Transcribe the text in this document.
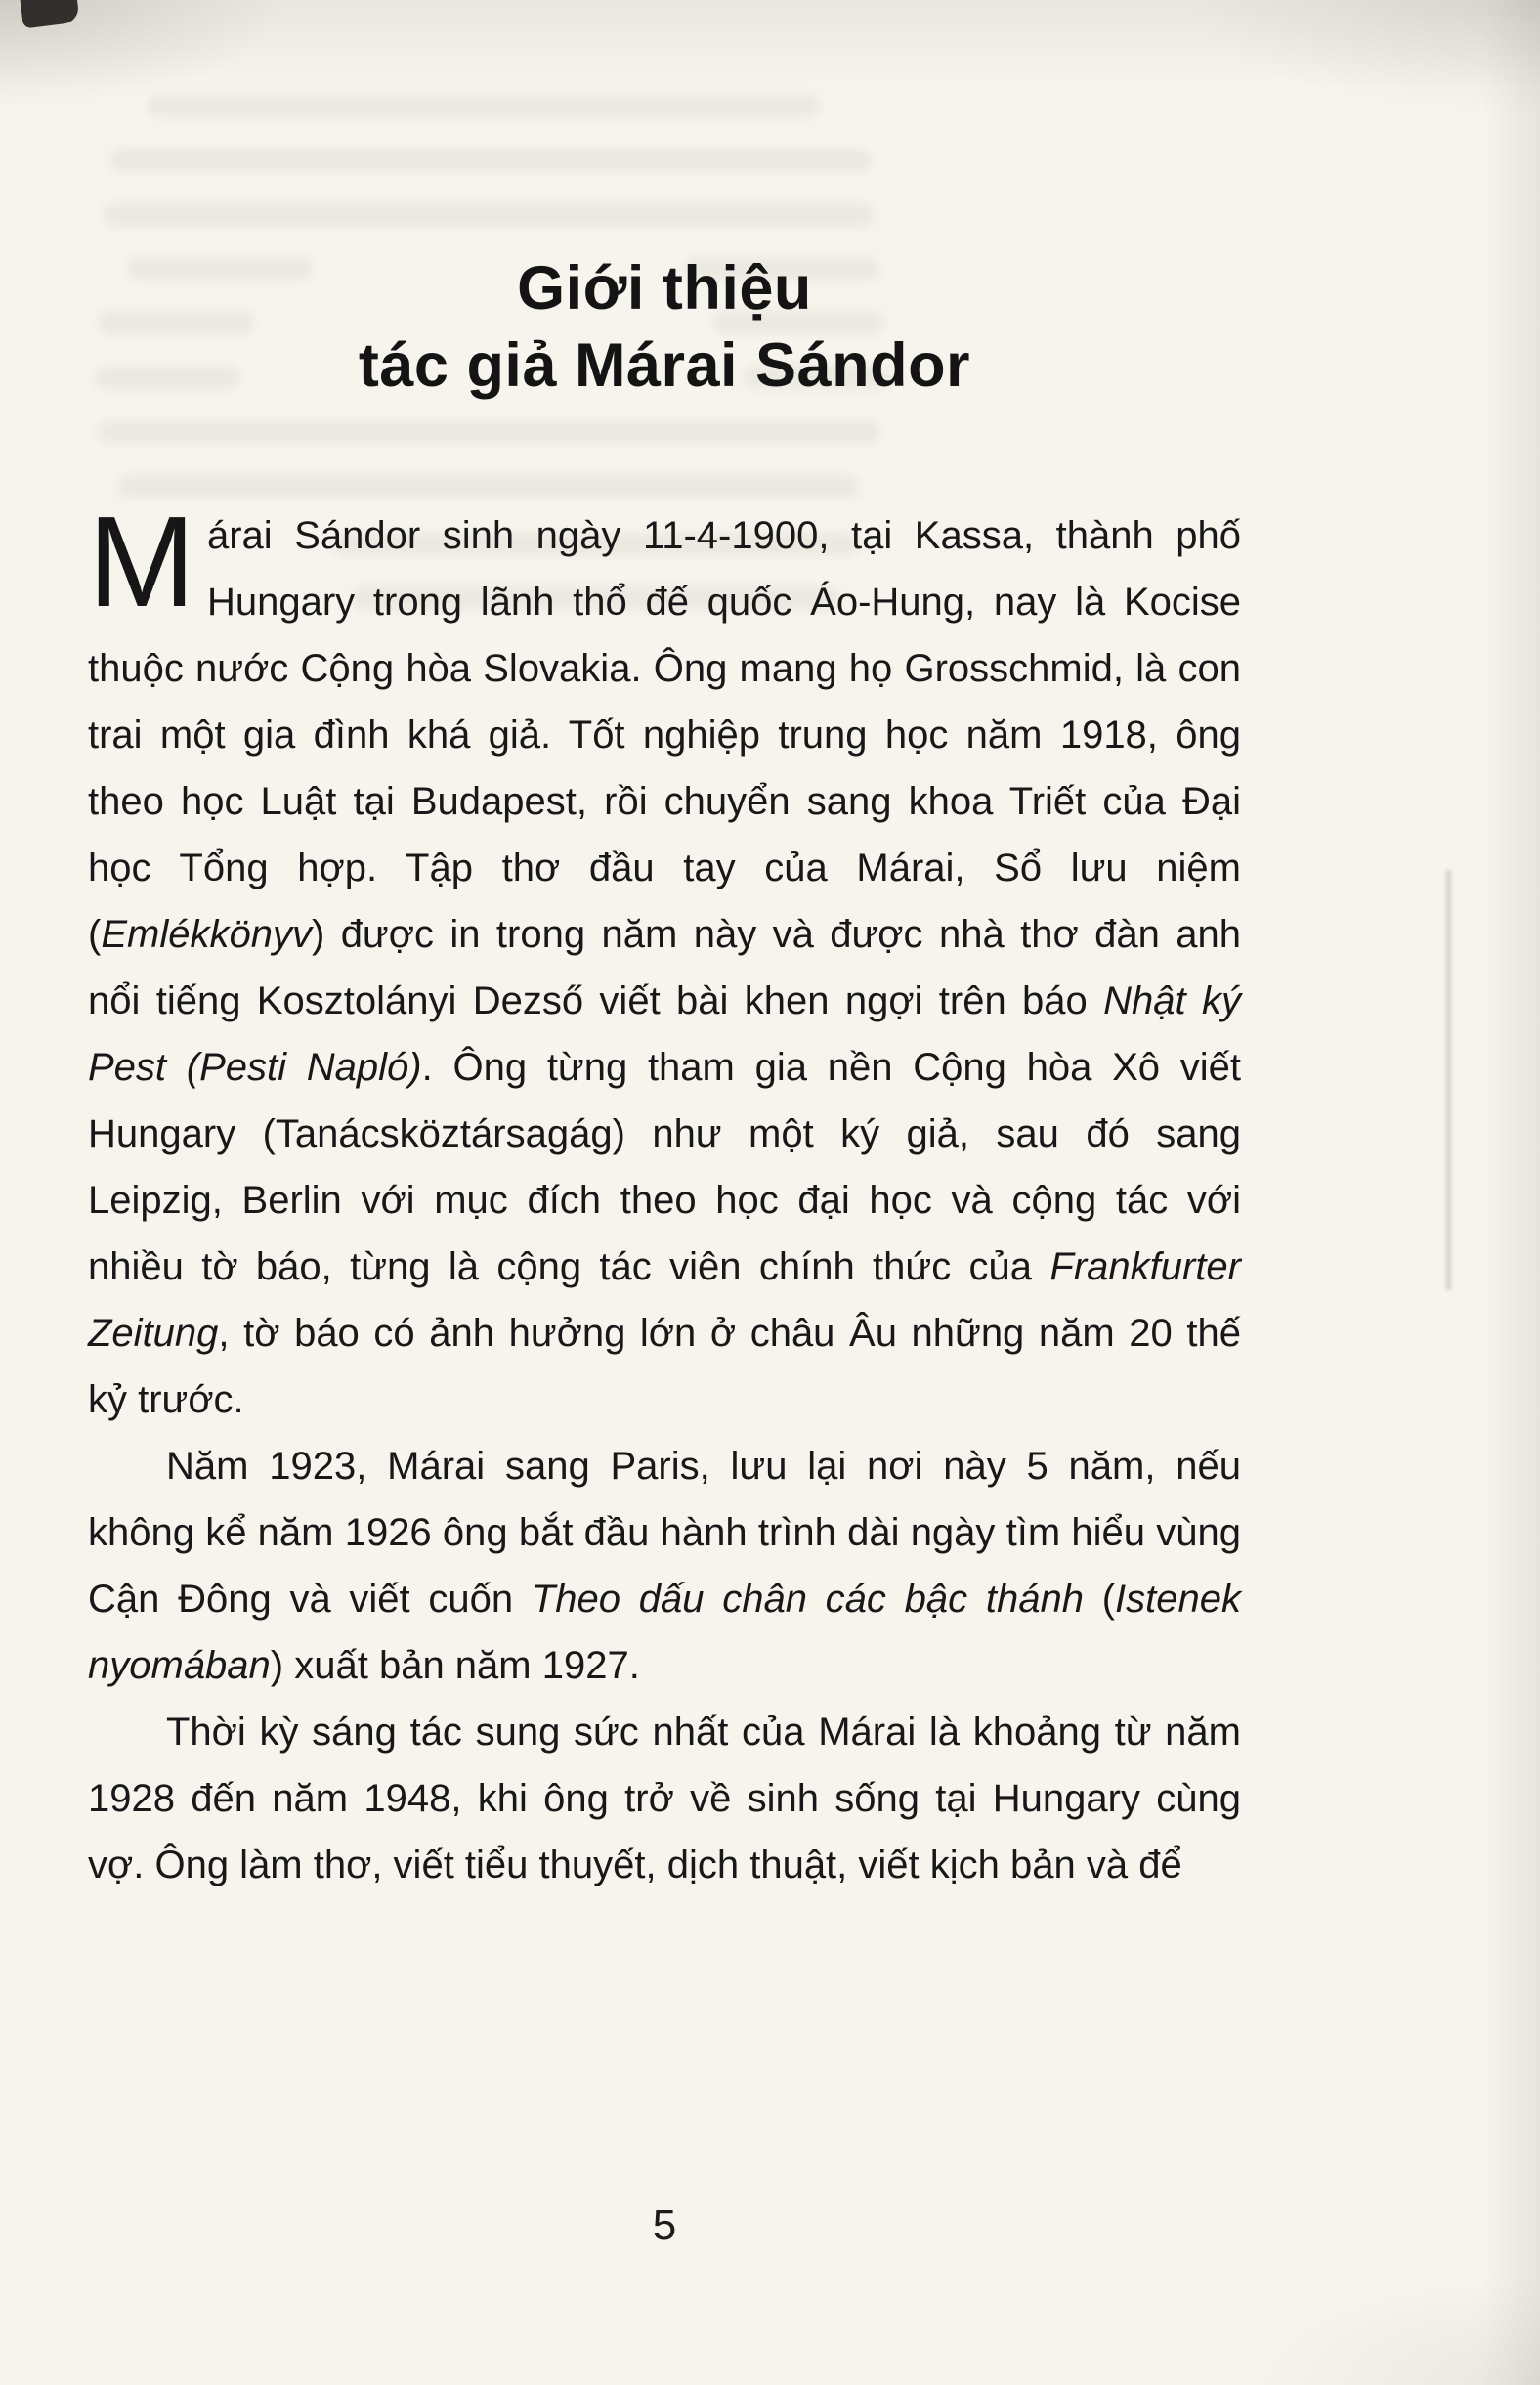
Giới thiệu
tác giả Márai Sándor

Márai Sándor sinh ngày 11-4-1900, tại Kassa, thành phố Hungary trong lãnh thổ đế quốc Áo-Hung, nay là Kocise thuộc nước Cộng hòa Slovakia. Ông mang họ Grosschmid, là con trai một gia đình khá giả. Tốt nghiệp trung học năm 1918, ông theo học Luật tại Budapest, rồi chuyển sang khoa Triết của Đại học Tổng hợp. Tập thơ đầu tay của Márai, Sổ lưu niệm (Emlékkönyv) được in trong năm này và được nhà thơ đàn anh nổi tiếng Kosztolányi Dezső viết bài khen ngợi trên báo Nhật ký Pest (Pesti Napló). Ông từng tham gia nền Cộng hòa Xô viết Hungary (Tanácsköztársagág) như một ký giả, sau đó sang Leipzig, Berlin với mục đích theo học đại học và cộng tác với nhiều tờ báo, từng là cộng tác viên chính thức của Frankfurter Zeitung, tờ báo có ảnh hưởng lớn ở châu Âu những năm 20 thế kỷ trước.

Năm 1923, Márai sang Paris, lưu lại nơi này 5 năm, nếu không kể năm 1926 ông bắt đầu hành trình dài ngày tìm hiểu vùng Cận Đông và viết cuốn Theo dấu chân các bậc thánh (Istenek nyomában) xuất bản năm 1927.

Thời kỳ sáng tác sung sức nhất của Márai là khoảng từ năm 1928 đến năm 1948, khi ông trở về sinh sống tại Hungary cùng vợ. Ông làm thơ, viết tiểu thuyết, dịch thuật, viết kịch bản và để

5
